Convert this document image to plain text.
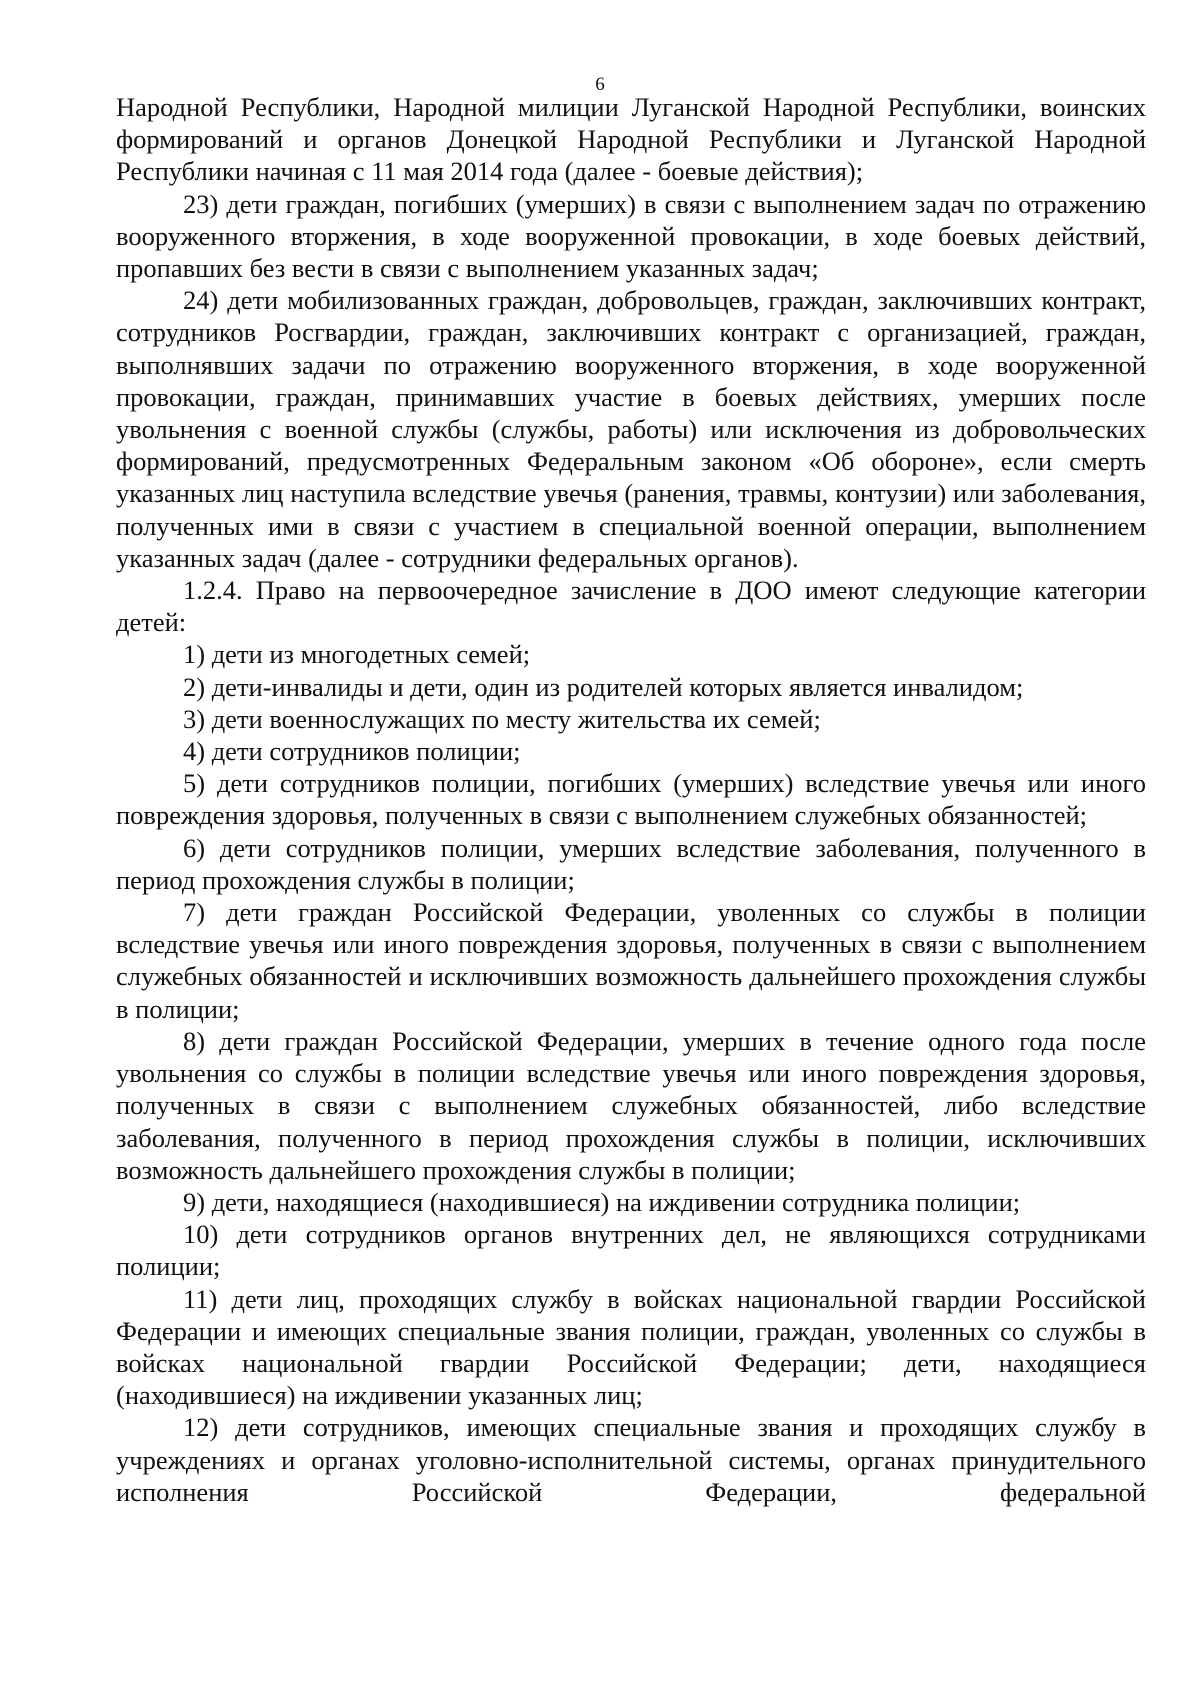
6

Народной Республики, Народной милиции Луганской Народной Республики, воинских формирований и органов Донецкой Народной Республики и Луганской Народной Республики начиная с 11 мая 2014 года (далее - боевые действия);

23) дети граждан, погибших (умерших) в связи с выполнением задач по отражению вооруженного вторжения, в ходе вооруженной провокации, в ходе боевых действий, пропавших без вести в связи с выполнением указанных задач;

24) дети мобилизованных граждан, добровольцев, граждан, заключивших контракт, сотрудников Росгвардии, граждан, заключивших контракт с организацией, граждан, выполнявших задачи по отражению вооруженного вторжения, в ходе вооруженной провокации, граждан, принимавших участие в боевых действиях, умерших после увольнения с военной службы (службы, работы) или исключения из добровольческих формирований, предусмотренных Федеральным законом «Об обороне», если смерть указанных лиц наступила вследствие увечья (ранения, травмы, контузии) или заболевания, полученных ими в связи с участием в специальной военной операции, выполнением указанных задач (далее - сотрудники федеральных органов).

1.2.4. Право на первоочередное зачисление в ДОО имеют следующие категории детей:

1) дети из многодетных семей;

2) дети-инвалиды и дети, один из родителей которых является инвалидом;

3) дети военнослужащих по месту жительства их семей;

4) дети сотрудников полиции;

5) дети сотрудников полиции, погибших (умерших) вследствие увечья или иного повреждения здоровья, полученных в связи с выполнением служебных обязанностей;

6) дети сотрудников полиции, умерших вследствие заболевания, полученного в период прохождения службы в полиции;

7) дети граждан Российской Федерации, уволенных со службы в полиции вследствие увечья или иного повреждения здоровья, полученных в связи с выполнением служебных обязанностей и исключивших возможность дальнейшего прохождения службы в полиции;

8) дети граждан Российской Федерации, умерших в течение одного года после увольнения со службы в полиции вследствие увечья или иного повреждения здоровья, полученных в связи с выполнением служебных обязанностей, либо вследствие заболевания, полученного в период прохождения службы в полиции, исключивших возможность дальнейшего прохождения службы в полиции;

9) дети, находящиеся (находившиеся) на иждивении сотрудника полиции;

10) дети сотрудников органов внутренних дел, не являющихся сотрудниками полиции;

11) дети лиц, проходящих службу в войсках национальной гвардии Российской Федерации и имеющих специальные звания полиции, граждан, уволенных со службы в войсках национальной гвардии Российской Федерации; дети, находящиеся (находившиеся) на иждивении указанных лиц;

12) дети сотрудников, имеющих специальные звания и проходящих службу в учреждениях и органах уголовно-исполнительной системы, органах принудительного исполнения Российской Федерации, федеральной
